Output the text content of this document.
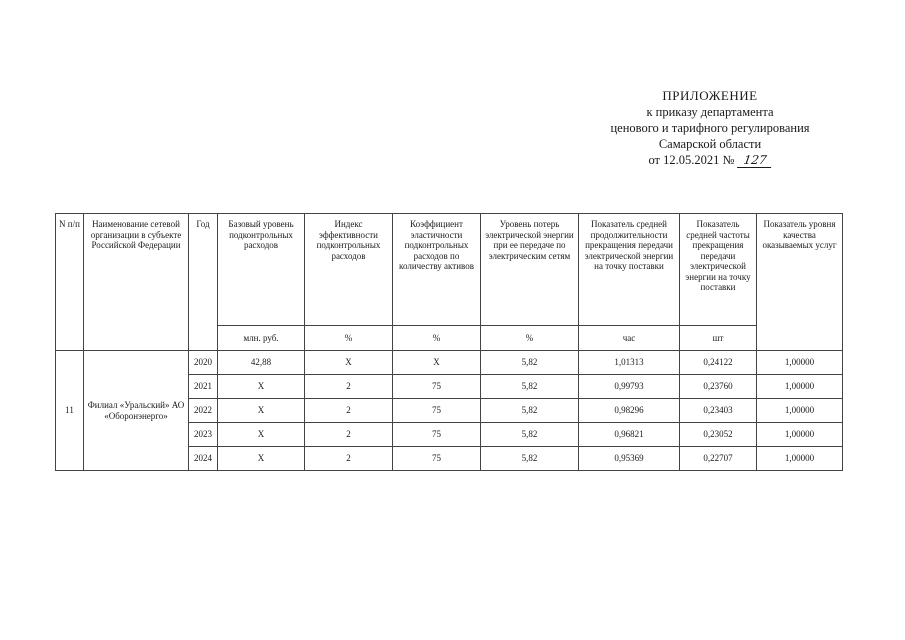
ПРИЛОЖЕНИЕ
к приказу департамента
ценового и тарифного регулирования
Самарской области
от 12.05.2021 № 127
N п/п	Наименование сетевой организации в субъекте Российской Федерации	Год	Базовый уровень подконтрольных расходов	Индекс эффективности подконтрольных расходов	Коэффициент эластичности подконтрольных расходов по количеству активов	Уровень потерь электрической энергии при ее передаче по электрическим сетям	Показатель средней продолжительности прекращения передачи электрической энергии на точку поставки	Показатель средней частоты прекращения передачи электрической энергии на точку поставки	Показатель уровня качества оказываемых услуг
			млн. руб.	%	%	%	час	шт	
11	Филиал «Уральский» АО «Оборонэнерго»	2020	42,88	X	X	5,82	1,01313	0,24122	1,00000
		2021	X	2	75	5,82	0,99793	0,23760	1,00000
		2022	X	2	75	5,82	0,98296	0,23403	1,00000
		2023	X	2	75	5,82	0,96821	0,23052	1,00000
		2024	X	2	75	5,82	0,95369	0,22707	1,00000
